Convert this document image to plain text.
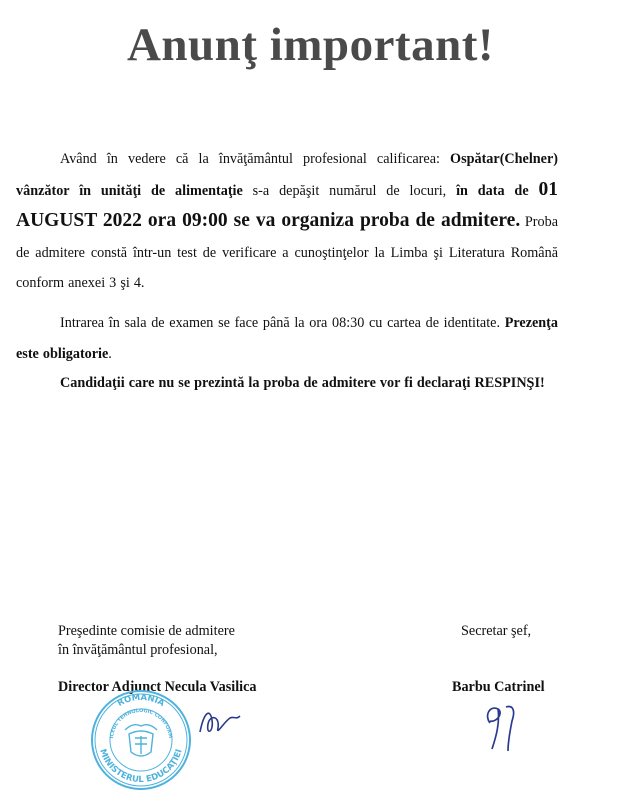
Anunţ important!

Având în vedere că la învăţământul profesional calificarea: Ospătar(Chelner) vânzător în unităţi de alimentaţie s-a depăşit numărul de locuri, în data de 01 AUGUST 2022 ora 09:00 se va organiza proba de admitere. Proba de admitere constă într-un test de verificare a cunoştinţelor la Limba şi Literatura Română conform anexei 3 şi 4.

Intrarea în sala de examen se face până la ora 08:30 cu cartea de identitate. Prezenţa este obligatorie.

Candidaţii care nu se prezintă la proba de admitere vor fi declaraţi RESPINŞI!

Preşedinte comisie de admitere
în învăţământul profesional,
Secretar şef,
Director Adjunct Necula Vasilica	Barbu Catrinel
ROMANIA
MINISTERUL EDUCAŢIEI
ICEUL TEHNOLOGIC CONFORM
